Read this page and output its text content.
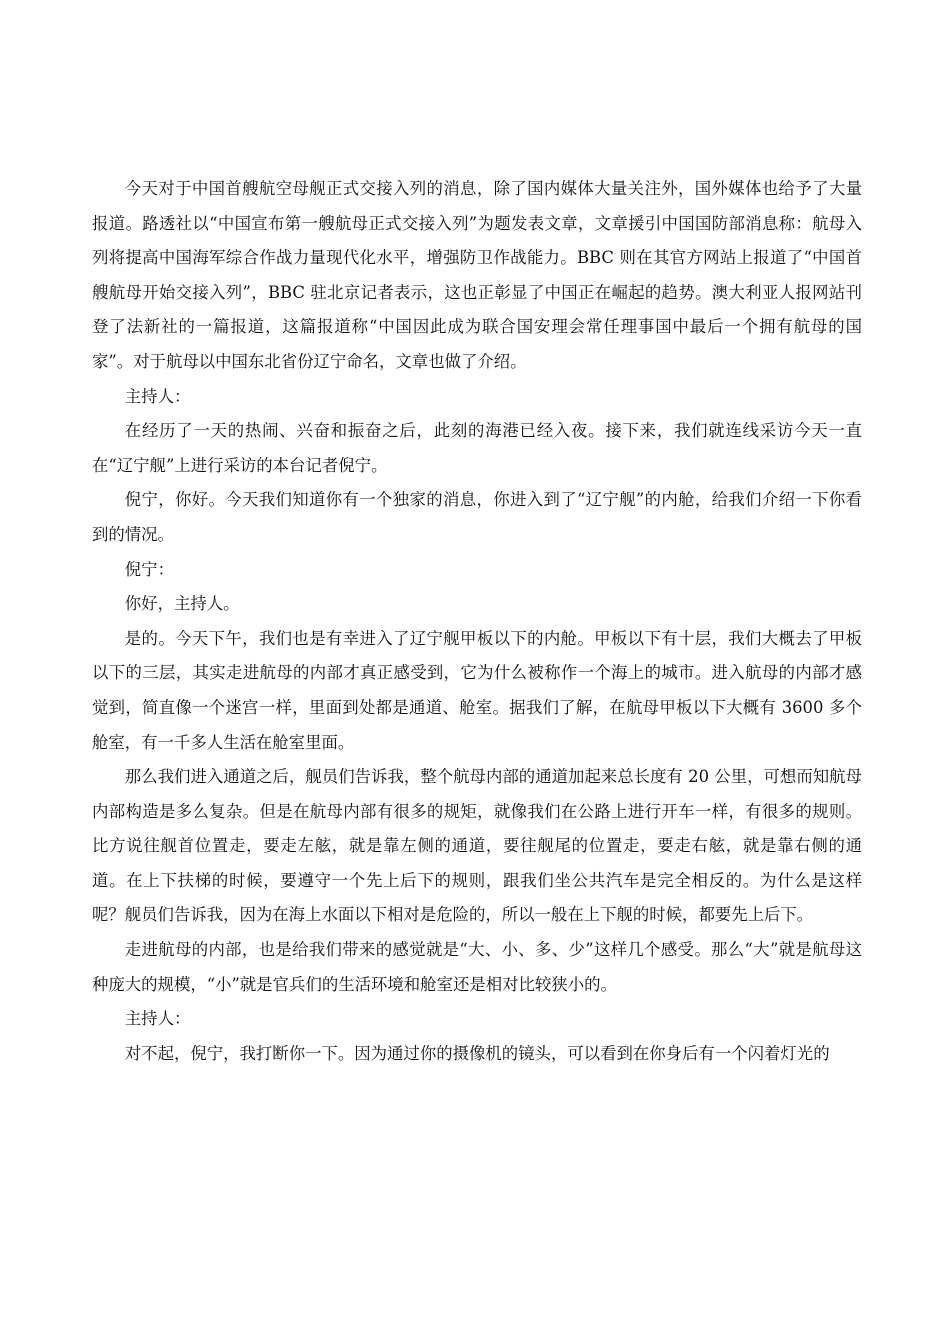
今天对于中国首艘航空母舰正式交接入列的消息，除了国内媒体大量关注外，国外媒体也给予了大量报道。路透社以“中国宣布第一艘航母正式交接入列”为题发表文章，文章援引中国国防部消息称：航母入列将提高中国海军综合作战力量现代化水平，增强防卫作战能力。BBC 则在其官方网站上报道了“中国首艘航母开始交接入列”，BBC 驻北京记者表示，这也正彰显了中国正在崛起的趋势。澳大利亚人报网站刊登了法新社的一篇报道，这篇报道称“中国因此成为联合国安理会常任理事国中最后一个拥有航母的国家”。对于航母以中国东北省份辽宁命名，文章也做了介绍。

主持人：

在经历了一天的热闹、兴奋和振奋之后，此刻的海港已经入夜。接下来，我们就连线采访今天一直在“辽宁舰”上进行采访的本台记者倪宁。

倪宁，你好。今天我们知道你有一个独家的消息，你进入到了“辽宁舰”的内舱，给我们介绍一下你看到的情况。

倪宁：

你好，主持人。

是的。今天下午，我们也是有幸进入了辽宁舰甲板以下的内舱。甲板以下有十层，我们大概去了甲板以下的三层，其实走进航母的内部才真正感受到，它为什么被称作一个海上的城市。进入航母的内部才感觉到，简直像一个迷宫一样，里面到处都是通道、舱室。据我们了解，在航母甲板以下大概有 3600 多个舱室，有一千多人生活在舱室里面。

那么我们进入通道之后，舰员们告诉我，整个航母内部的通道加起来总长度有 20 公里，可想而知航母内部构造是多么复杂。但是在航母内部有很多的规矩，就像我们在公路上进行开车一样，有很多的规则。比方说往舰首位置走，要走左舷，就是靠左侧的通道，要往舰尾的位置走，要走右舷，就是靠右侧的通道。在上下扶梯的时候，要遵守一个先上后下的规则，跟我们坐公共汽车是完全相反的。为什么是这样呢？舰员们告诉我，因为在海上水面以下相对是危险的，所以一般在上下舰的时候，都要先上后下。

走进航母的内部，也是给我们带来的感觉就是“大、小、多、少”这样几个感受。那么“大”就是航母这种庞大的规模，“小”就是官兵们的生活环境和舱室还是相对比较狭小的。

主持人：

对不起，倪宁，我打断你一下。因为通过你的摄像机的镜头，可以看到在你身后有一个闪着灯光的
